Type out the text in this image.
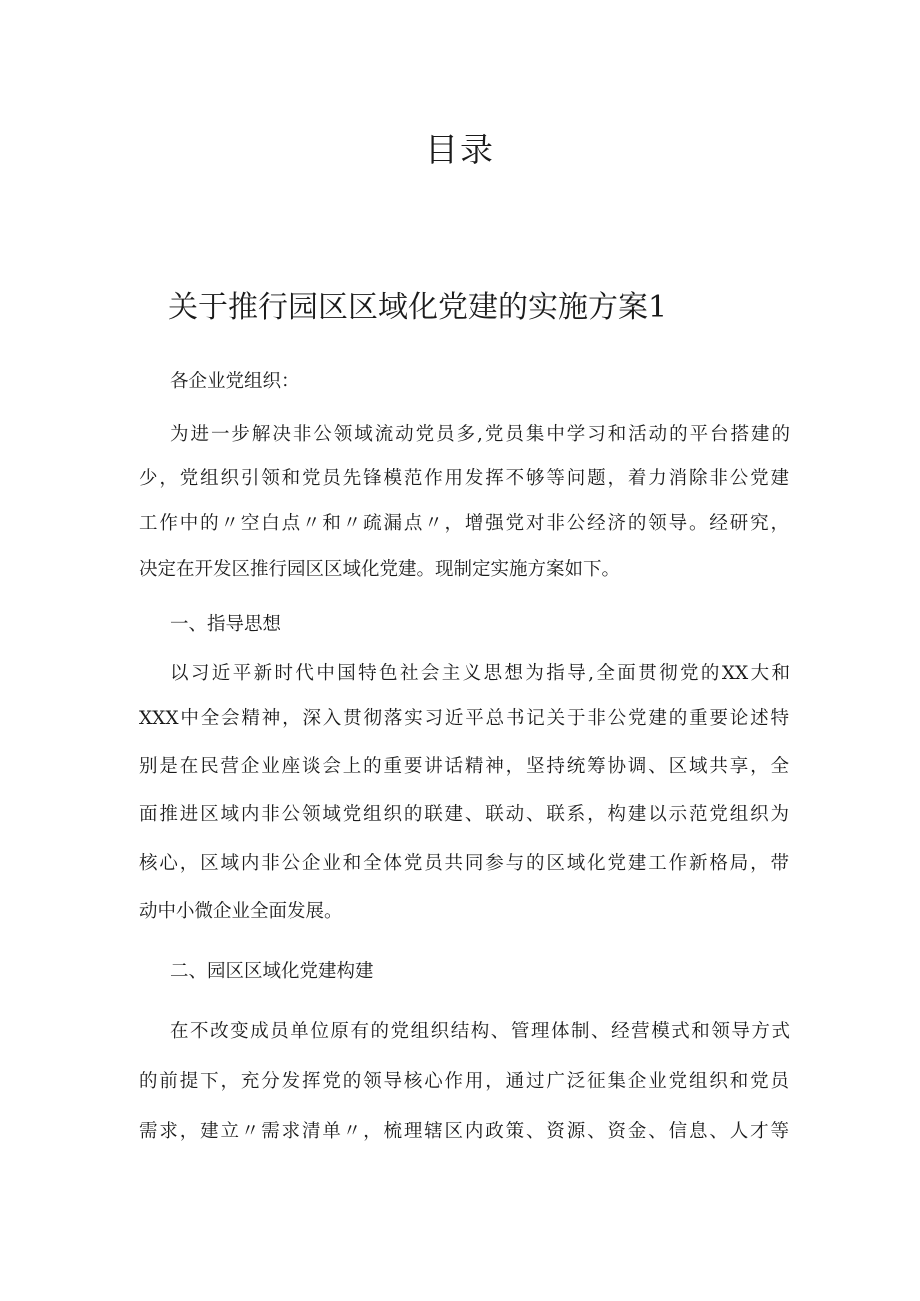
目录
关于推行园区区域化党建的实施方案1

各企业党组织：

为进一步解决非公领域流动党员多,党员集中学习和活动的平台搭建的

少，党组织引领和党员先锋模范作用发挥不够等问题，着力消除非公党建

工作中的〃空白点〃和〃疏漏点〃，增强党对非公经济的领导。经研究，

决定在开发区推行园区区域化党建。现制定实施方案如下。

一、指导思想

以习近平新时代中国特色社会主义思想为指导,全面贯彻党的XX大和

XXX中全会精神，深入贯彻落实习近平总书记关于非公党建的重要论述特

别是在民营企业座谈会上的重要讲话精神，坚持统筹协调、区域共享，全

面推进区域内非公领域党组织的联建、联动、联系，构建以示范党组织为

核心，区域内非公企业和全体党员共同参与的区域化党建工作新格局，带

动中小微企业全面发展。

二、园区区域化党建构建

在不改变成员单位原有的党组织结构、管理体制、经营模式和领导方式

的前提下，充分发挥党的领导核心作用，通过广泛征集企业党组织和党员

需求，建立〃需求清单〃，梳理辖区内政策、资源、资金、信息、人才等
